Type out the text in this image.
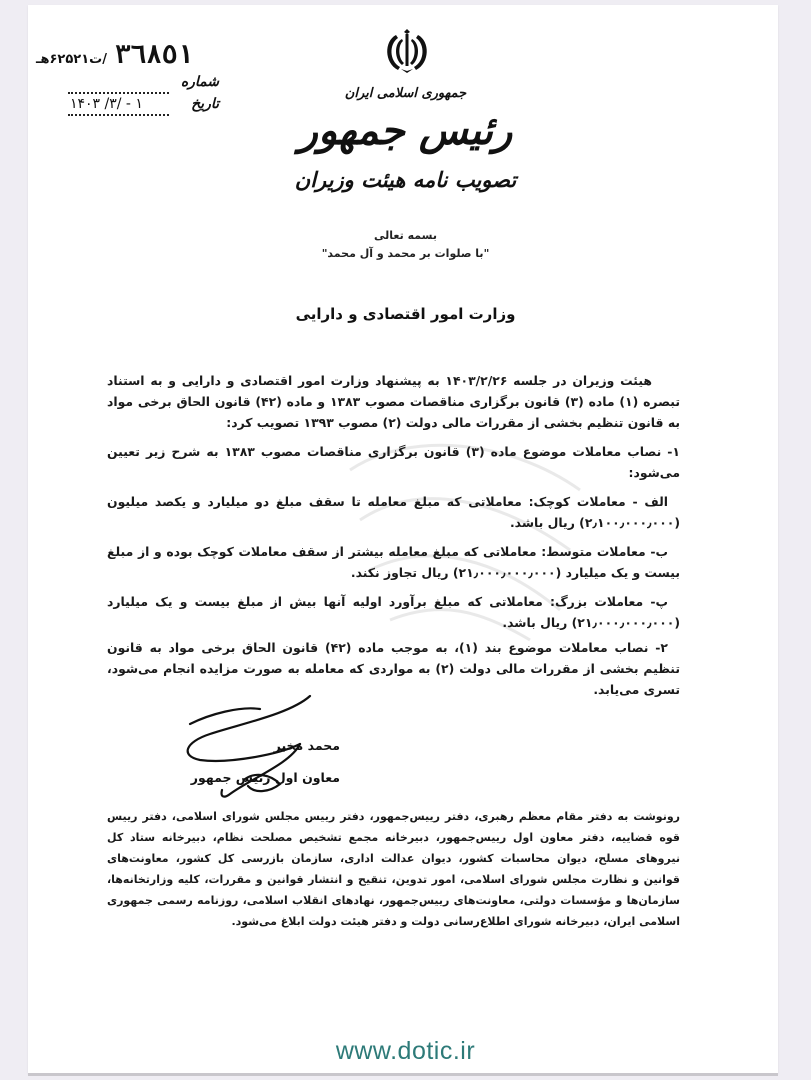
/ت۶۲۵۲۱هـ ٣٦٨٥١
شماره
تاریخ
۱۴۰۳ /۳/ - ۱
جمهوری اسلامی ایران
رئیس جمهور
تصویب نامه هیئت وزیران
بسمه تعالی
"با صلوات بر محمد و آل محمد"
وزارت امور اقتصادی و دارایی

هیئت وزیران در جلسه ۱۴۰۳/۲/۲۶ به پیشنهاد وزارت امور اقتصادی و دارایی و به استناد تبصره (۱) ماده (۳) قانون برگزاری مناقصات مصوب ۱۳۸۳ و ماده (۴۲) قانون الحاق برخی مواد به قانون تنظیم بخشی از مقررات مالی دولت (۲) مصوب ۱۳۹۳ تصویب کرد:

۱- نصاب معاملات موضوع ماده (۳) قانون برگزاری مناقصات مصوب ۱۳۸۳ به شرح زیر تعیین می‌شود:

الف - معاملات کوچک: معاملاتی که مبلغ معامله تا سقف مبلغ دو میلیارد و یکصد میلیون (۲٫۱۰۰٫۰۰۰٫۰۰۰) ریال باشد.

ب- معاملات متوسط: معاملاتی که مبلغ معامله بیشتر از سقف معاملات کوچک بوده و از مبلغ بیست و یک میلیارد (۲۱٫۰۰۰٫۰۰۰٫۰۰۰) ریال تجاوز نکند.

پ- معاملات بزرگ: معاملاتی که مبلغ برآورد اولیه آنها بیش از مبلغ بیست و یک میلیارد (۲۱٫۰۰۰٫۰۰۰٫۰۰۰) ریال باشد.

۲- نصاب معاملات موضوع بند (۱)، به موجب ماده (۴۲) قانون الحاق برخی مواد به قانون تنظیم بخشی از مقررات مالی دولت (۲) به مواردی که معامله به صورت مزایده انجام می‌شود، تسری می‌یابد.

محمد مخبر

معاون اول رئیس جمهور

رونوشت به دفتر مقام معظم رهبری، دفتر رییس‌جمهور، دفتر رییس مجلس شورای اسلامی، دفتر رییس قوه قضاییه، دفتر معاون اول رییس‌جمهور، دبیرخانه مجمع تشخیص مصلحت نظام، دبیرخانه ستاد کل نیروهای مسلح، دیوان محاسبات کشور، دیوان عدالت اداری، سازمان بازرسی کل کشور، معاونت‌های قوانین و نظارت مجلس شورای اسلامی، امور تدوین، تنقیح و انتشار قوانین و مقررات، کلیه وزارتخانه‌ها، سازمان‌ها و مؤسسات دولتی، معاونت‌های رییس‌جمهور، نهادهای انقلاب اسلامی، روزنامه رسمی جمهوری اسلامی ایران، دبیرخانه شورای اطلاع‌رسانی دولت و دفتر هیئت دولت ابلاغ می‌شود.

www.dotic.ir
